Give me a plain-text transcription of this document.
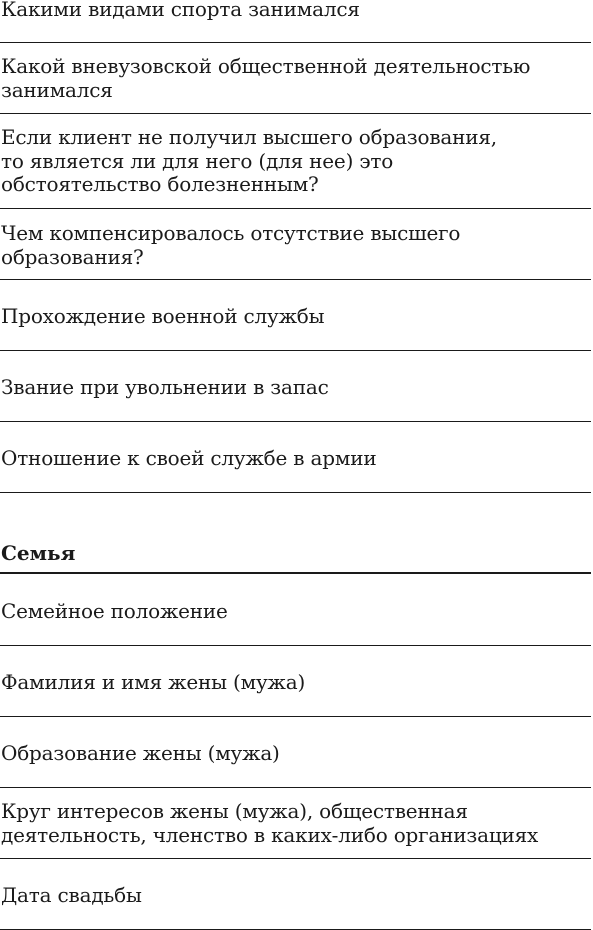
Какими видами спорта занимался
Какой вневузовской общественной деятельностью
занимался
Если клиент не получил высшего образования,
то является ли для него (для нее) это
обстоятельство болезненным?
Чем компенсировалось отсутствие высшего
образования?
Прохождение военной службы
Звание при увольнении в запас
Отношение к своей службе в армии
Семья
Семейное положение
Фамилия и имя жены (мужа)
Образование жены (мужа)
Круг интересов жены (мужа), общественная
деятельность, членство в каких-либо организациях
Дата свадьбы
